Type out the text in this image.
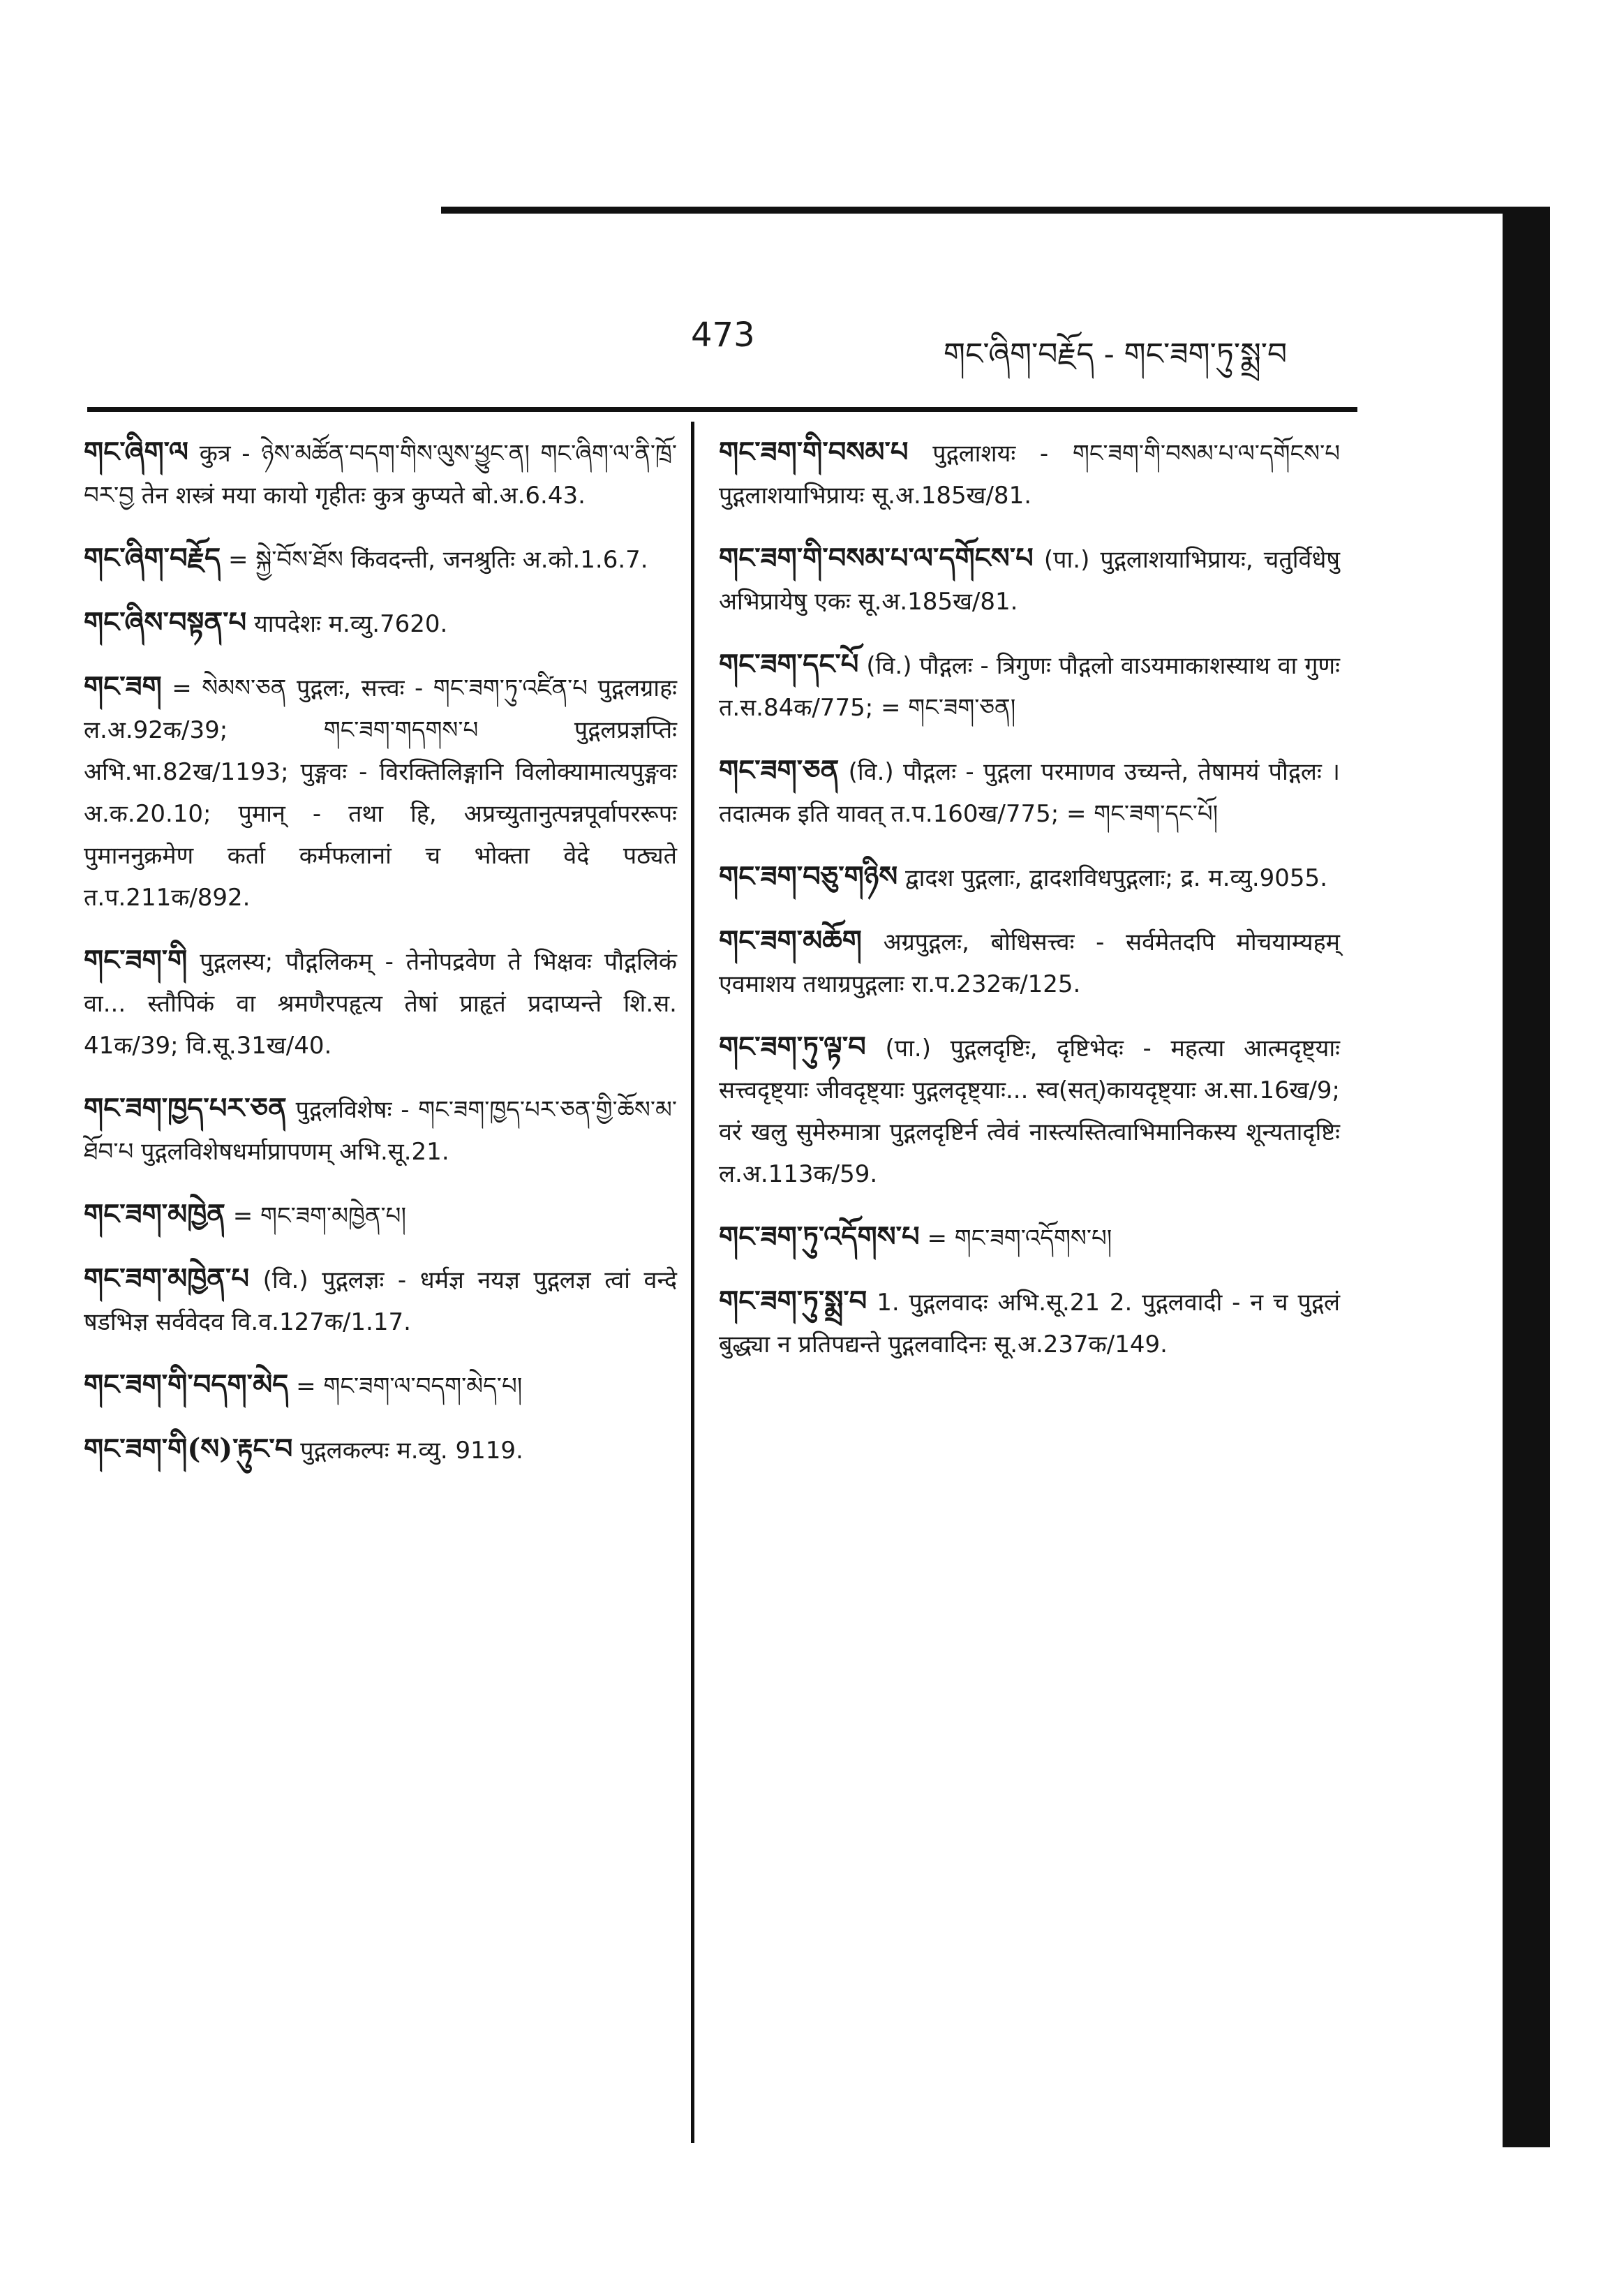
473	གང་ཞིག་བརྗོད - གང་ཟག་ཏུ་སྨྲ་བ
གང་ཞིག་ལ कुत्र - ཉེས་མཚོན་བདག་གིས་ལུས་ཕྱུང་ན། གང་ཞིག་ལ་ནི་ཁྲོ་བར་བྱ तेन शस्त्रं मया कायो गृहीतः कुत्र कुप्यते बो.अ.6.43.
གང་ཞིག་བརྗོད = སྐྱེ་བོས་ཐོས कि‍ंवदन्ती, जनश्रुतिः अ.को.1.6.7.
གང་ཞིས་བསྟན་པ यापदेशः म.व्यु.7620.
གང་ཟག = སེམས་ཅན पुद्गलः, सत्त्वः - གང་ཟག་ཏུ་འཛིན་པ पुद्गलग्राहः ल.अ.92क/39; གང་ཟག་གདགས་པ पुद्गलप्रज्ञप्तिः अभि.भा.82ख/1193; पुङ्गवः - विरक्तिलिङ्गानि विलोक्यामात्यपुङ्गवः अ.क.20.10; पुमान् - तथा हि, अप्रच्युतानुत्पन्नपूर्वापररूपः पुमाननुक्रमेण कर्ता कर्मफलानां च भोक्ता वेदे पठ्यते त.प.211क/892.
གང་ཟག་གི पुद्गलस्य; पौद्गलिकम् - तेनोपद्रवेण ते भिक्षवः पौद्गलिकं वा... स्तौपिकं वा श्रमणैरपहृत्य तेषां प्राहृतं प्रदाप्यन्ते शि.स. 41क/39; वि.सू.31ख/40.
གང་ཟག་ཁྱད་པར་ཅན पुद्गलविशेषः - གང་ཟག་ཁྱད་པར་ཅན་གྱི་ཆོས་མ་ཐོབ་པ पुद्गलविशेषधर्माप्रापणम् अभि.सू.21.
གང་ཟག་མཁྱེན = གང་ཟག་མཁྱེན་པ།
གང་ཟག་མཁྱེན་པ (वि.) पुद्गलज्ञः - धर्मज्ञ नयज्ञ पुद्गलज्ञ त्वां वन्दे षडभिज्ञ सर्ववेदव वि.व.127क/1.17.
གང་ཟག་གི་བདག་མེད = གང་ཟག་ལ་བདག་མེད་པ།
གང་ཟག་གི(ས)་རྟུང་བ पुद्गलकल्पः म.व्यु. 9119.
གང་ཟག་གི་བསམ་པ पुद्गलाशयः - གང་ཟག་གི་བསམ་པ་ལ་དགོངས་པ पुद्गलाशयाभिप्रायः सू.अ.185ख/81.
གང་ཟག་གི་བསམ་པ་ལ་དགོངས་པ (पा.) पुद्गलाशयाभिप्रायः, चतुर्विधेषु अभिप्रायेषु एकः सू.अ.185ख/81.
གང་ཟག་དང་པོ (वि.) पौद्गलः - त्रिगुणः पौद्गलो वाऽयमाकाशस्याथ वा गुणः त.स.84क/775; = གང་ཟག་ཅན།
གང་ཟག་ཅན (वि.) पौद्गलः - पुद्गला परमाणव उच्यन्ते, तेषामयं पौद्गलः । तदात्मक इति यावत् त.प.160ख/775; = གང་ཟག་དང་པོ།
གང་ཟག་བཅུ་གཉིས द्वादश पुद्गलाः, द्वादशविधपुद्गलाः; द्र. म.व्यु.9055.
གང་ཟག་མཆོག अग्रपुद्गलः, बोधिसत्त्वः - सर्वमेतदपि मोचयाम्यहम् एवमाशय तथाग्रपुद्गलाः रा.प.232क/125.
གང་ཟག་ཏུ་ལྟ་བ (पा.) पुद्गलदृष्टिः, दृष्टिभेदः - महत्या आत्मदृष्ट्याः सत्त्वदृष्ट्याः जीवदृष्ट्याः पुद्गलदृष्ट्याः... स्व(सत्)कायदृष्ट्याः अ.सा.16ख/9; वरं खलु सुमेरुमात्रा पुद्गलदृष्टिर्न त्वेवं नास्त्यस्तित्वाभिमानिकस्य शून्यतादृष्टिः ल.अ.113क/59.
གང་ཟག་ཏུ་འདོགས་པ = གང་ཟག་འདོགས་པ།
གང་ཟག་ཏུ་སྨྲ་བ 1. पुद्गलवादः अभि.सू.21 2. पुद्गलवादी - न च पुद्गलं बुद्ध्या न प्रतिपद्यन्ते पुद्गलवादिनः सू.अ.237क/149.
